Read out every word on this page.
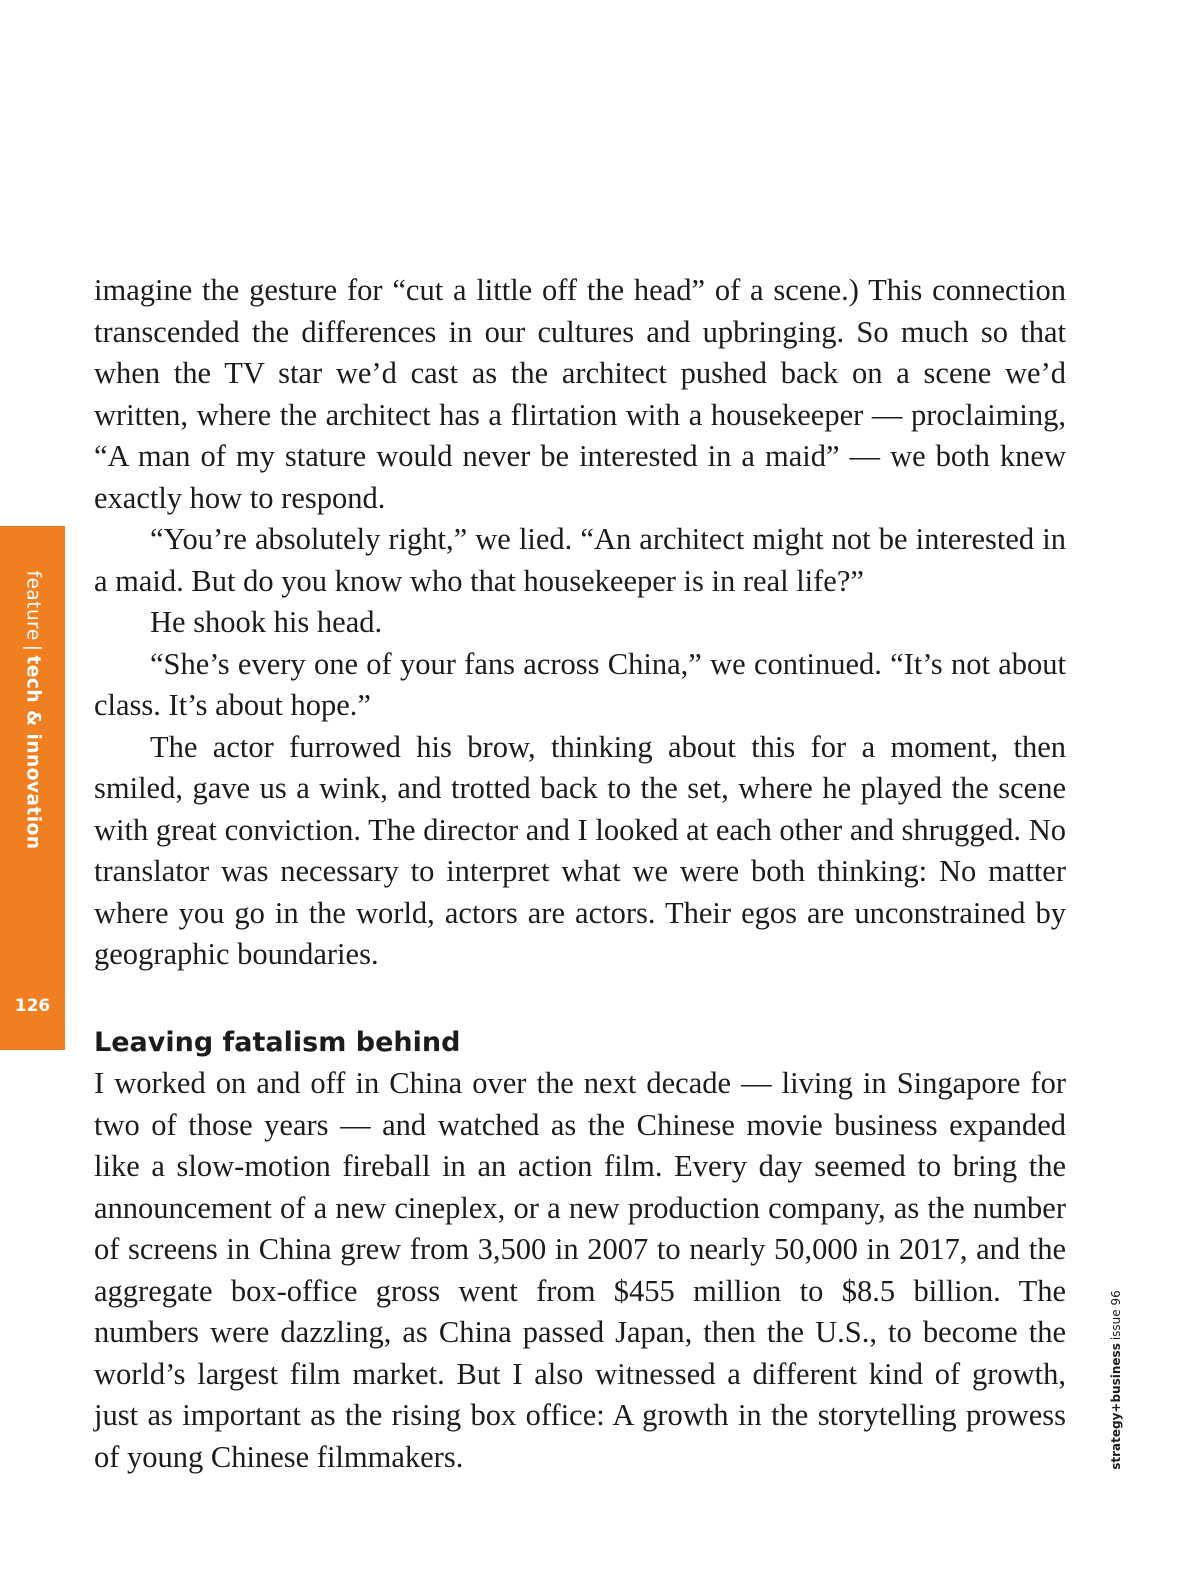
feature|tech & innovation
126

imagine the gesture for “cut a little off the head” of a scene.) This connection transcended the differences in our cultures and upbringing. So much so that when the TV star we’d cast as the architect pushed back on a scene we’d written, where the architect has a flirtation with a housekeeper — proclaiming, “A man of my stature would never be interested in a maid” — we both knew exactly how to respond.

“You’re absolutely right,” we lied. “An architect might not be interested in a maid. But do you know who that housekeeper is in real life?”

He shook his head.

“She’s every one of your fans across China,” we continued. “It’s not about class. It’s about hope.”

The actor furrowed his brow, thinking about this for a moment, then smiled, gave us a wink, and trotted back to the set, where he played the scene with great conviction. The director and I looked at each other and shrugged. No translator was necessary to interpret what we were both thinking: No matter where you go in the world, actors are actors. Their egos are unconstrained by geographic boundaries.

Leaving fatalism behind

I worked on and off in China over the next decade — living in Singapore for two of those years — and watched as the Chinese movie business expanded like a slow-motion fireball in an action film. Every day seemed to bring the announcement of a new cineplex, or a new production company, as the number of screens in China grew from 3,500 in 2007 to nearly 50,000 in 2017, and the aggregate box-office gross went from $455 million to $8.5 billion. The numbers were dazzling, as China passed Japan, then the U.S., to become the world’s largest film market. But I also witnessed a different kind of growth, just as important as the rising box office: A growth in the storytelling prowess of young Chinese filmmakers.	strategy+businessissue 96
